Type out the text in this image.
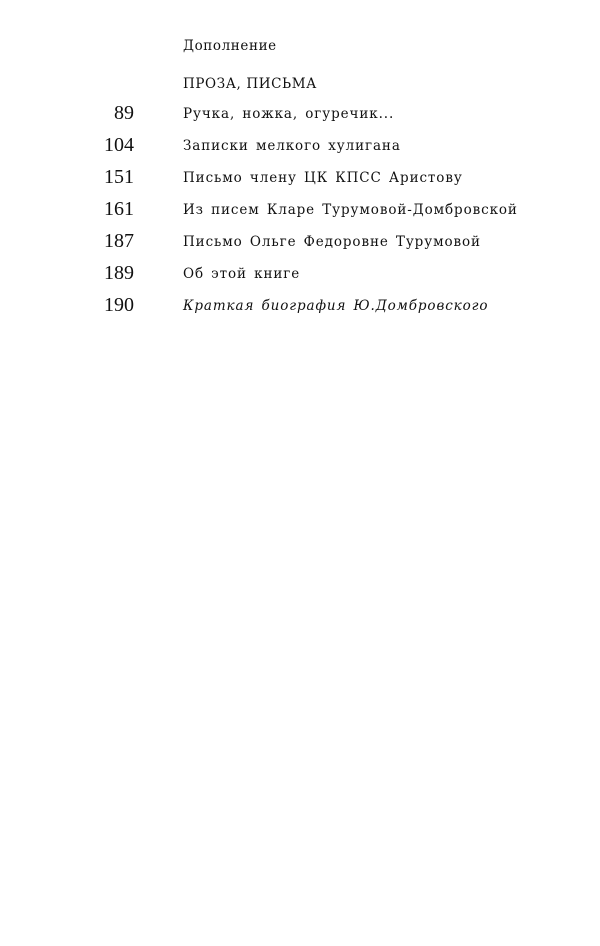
Дополнение
ПРОЗА, ПИСЬМА
89	Ручка, ножка, огуречик...
104	Записки мелкого хулигана
151	Письмо члену ЦК КПСС Аристову
161	Из писем Кларе Турумовой-Домбровской
187	Письмо Ольге Федоровне Турумовой
189	Об этой книге
190	Краткая биография Ю.Домбровского
